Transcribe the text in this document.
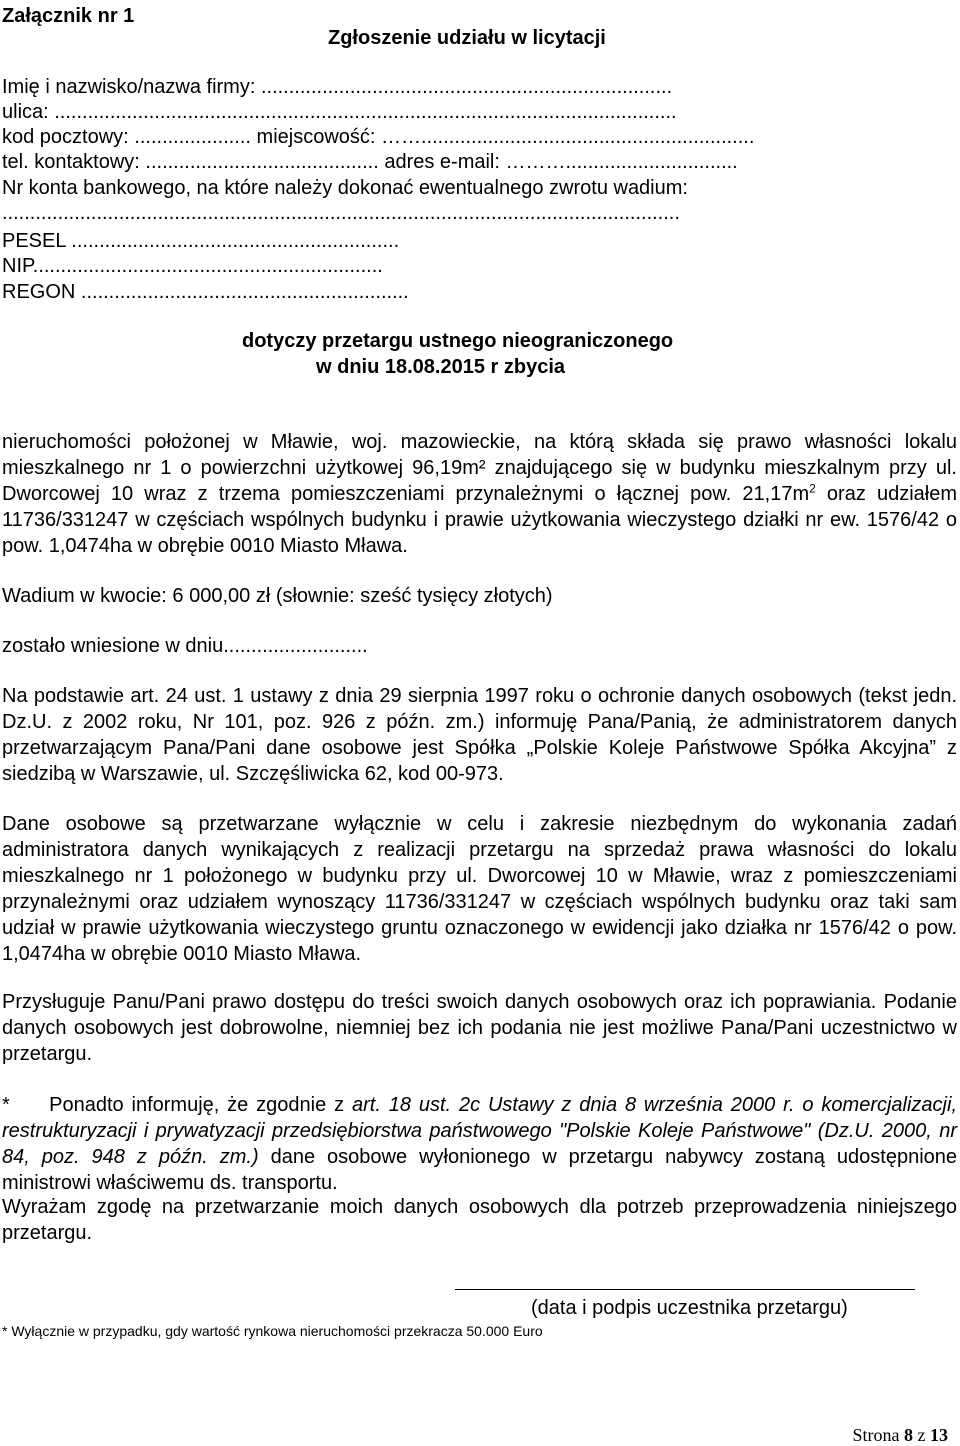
Załącznik nr 1
Zgłoszenie udziału w licytacji
Imię i nazwisko/nazwa firmy: ..........................................................................
ulica: ................................................................................................................
kod pocztowy: ..................... miejscowość: ……............................................................
tel. kontaktowy: .......................................... adres e-mail: ………...............................
Nr konta bankowego, na które należy dokonać ewentualnego zwrotu wadium:
..........................................................................................................................
PESEL ...........................................................
NIP...............................................................
REGON ...........................................................
dotyczy przetargu ustnego nieograniczonego
w dniu 18.08.2015 r zbycia

nieruchomości położonej w Mławie, woj. mazowieckie, na którą składa się prawo własności lokalu mieszkalnego nr 1 o powierzchni użytkowej 96,19m² znajdującego się w budynku mieszkalnym przy ul. Dworcowej 10 wraz z trzema pomieszczeniami przynależnymi o łącznej pow. $21,17m^2$ oraz udziałem 11736/331247 w częściach wspólnych budynku i prawie użytkowania wieczystego działki nr ew. 1576/42 o pow. 1,0474ha w obrębie 0010 Miasto Mława.

Wadium w kwocie: 6 000,00 zł (słownie: sześć tysięcy złotych)
zostało wniesione w dniu..........................

Na podstawie art. 24 ust. 1 ustawy z dnia 29 sierpnia 1997 roku o ochronie danych osobowych (tekst jedn. Dz.U. z 2002 roku, Nr 101, poz. 926 z późn. zm.) informuję Pana/Panią, że administratorem danych przetwarzającym Pana/Pani dane osobowe jest Spółka „Polskie Koleje Państwowe Spółka Akcyjna” z siedzibą w Warszawie, ul. Szczęśliwicka 62, kod 00-973.

Dane osobowe są przetwarzane wyłącznie w celu i zakresie niezbędnym do wykonania zadań administratora danych wynikających z realizacji przetargu na sprzedaż prawa własności do lokalu mieszkalnego nr 1 położonego w budynku przy ul. Dworcowej 10 w Mławie, wraz z pomieszczeniami przynależnymi oraz udziałem wynoszący 11736/331247 w częściach wspólnych budynku oraz taki sam udział w prawie użytkowania wieczystego gruntu oznaczonego w ewidencji jako działka nr 1576/42 o pow. 1,0474ha w obrębie 0010 Miasto Mława.

Przysługuje Panu/Pani prawo dostępu do treści swoich danych osobowych oraz ich poprawiania. Podanie danych osobowych jest dobrowolne, niemniej bez ich podania nie jest możliwe Pana/Pani uczestnictwo w przetargu.

*     Ponadto informuję, że zgodnie z art. 18 ust. 2c Ustawy z dnia 8 września 2000 r. o komercjalizacji, restrukturyzacji i prywatyzacji przedsiębiorstwa państwowego "Polskie Koleje Państwowe" (Dz.U. 2000, nr 84, poz. 948 z późn. zm.) dane osobowe wyłonionego w przetargu nabywcy zostaną udostępnione ministrowi właściwemu ds. transportu.

Wyrażam zgodę na przetwarzanie moich danych osobowych dla potrzeb przeprowadzenia niniejszego przetargu.

(data i podpis uczestnika przetargu)
* Wyłącznie w przypadku, gdy wartość rynkowa nieruchomości przekracza 50.000 Euro
Strona 8 z 13
